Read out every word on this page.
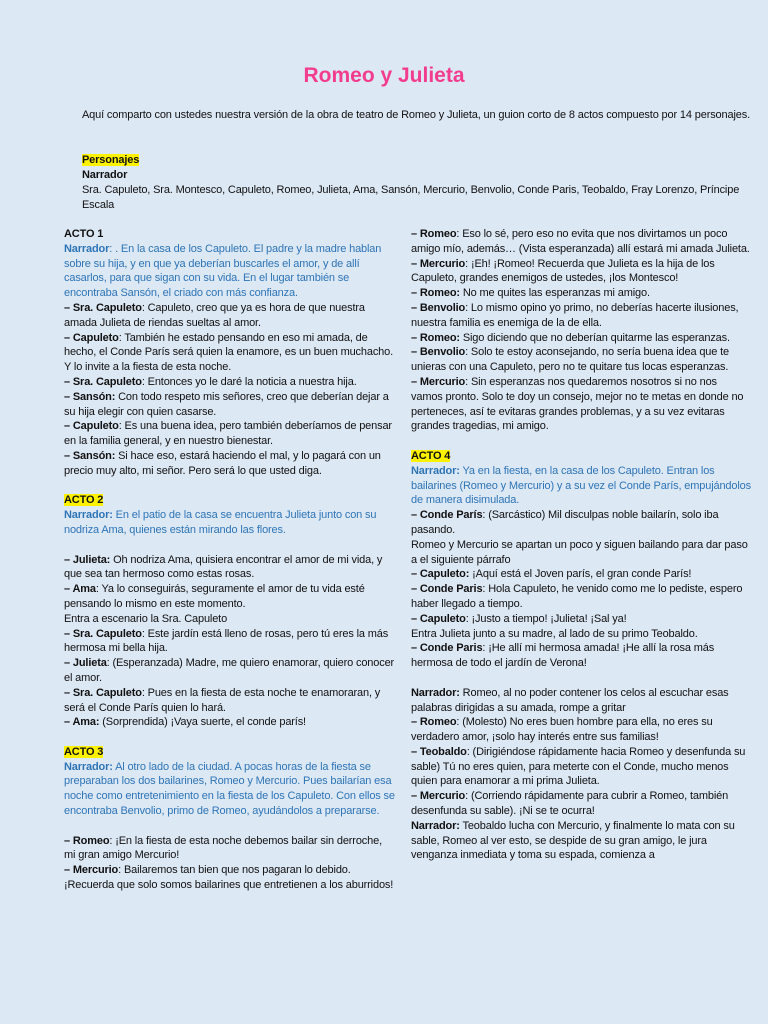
Romeo y Julieta
Aquí comparto con ustedes nuestra versión de la obra de teatro de Romeo y Julieta, un guion corto de 8 actos compuesto por 14 personajes.
Personajes
Narrador
Sra. Capuleto, Sra. Montesco, Capuleto, Romeo, Julieta, Ama, Sansón, Mercurio, Benvolio, Conde Paris, Teobaldo, Fray Lorenzo, Príncipe Escala
ACTO 1

Narrador: . En la casa de los Capuleto. El padre y la madre hablan sobre su hija, y en que ya deberían buscarles el amor, y de allí casarlos, para que sigan con su vida. En el lugar también se encontraba Sansón, el criado con más confianza.

– Sra. Capuleto: Capuleto, creo que ya es hora de que nuestra amada Julieta de riendas sueltas al amor.

– Capuleto: También he estado pensando en eso mi amada, de hecho, el Conde París será quien la enamore, es un buen muchacho. Y lo invite a la fiesta de esta noche.

– Sra. Capuleto: Entonces yo le daré la noticia a nuestra hija.

– Sansón: Con todo respeto mis señores, creo que deberían dejar a su hija elegir con quien casarse.

– Capuleto: Es una buena idea, pero también deberíamos de pensar en la familia general, y en nuestro bienestar.

– Sansón: Si hace eso, estará haciendo el mal, y lo pagará con un precio muy alto, mi señor. Pero será lo que usted diga.

ACTO 2

Narrador: En el patio de la casa se encuentra Julieta junto con su nodriza Ama, quienes están mirando las flores.

– Julieta: Oh nodriza Ama, quisiera encontrar el amor de mi vida, y que sea tan hermoso como estas rosas.

– Ama: Ya lo conseguirás, seguramente el amor de tu vida esté pensando lo mismo en este momento.

Entra a escenario la Sra. Capuleto

– Sra. Capuleto: Este jardín está lleno de rosas, pero tú eres la más hermosa mi bella hija.

– Julieta: (Esperanzada) Madre, me quiero enamorar, quiero conocer el amor.

– Sra. Capuleto: Pues en la fiesta de esta noche te enamoraran, y será el Conde París quien lo hará.

– Ama: (Sorprendida) ¡Vaya suerte, el conde parís!

ACTO 3

Narrador: Al otro lado de la ciudad. A pocas horas de la fiesta se preparaban los dos bailarines, Romeo y Mercurio. Pues bailarían esa noche como entretenimiento en la fiesta de los Capuleto. Con ellos se encontraba Benvolio, primo de Romeo, ayudándolos a prepararse.

– Romeo: ¡En la fiesta de esta noche debemos bailar sin derroche, mi gran amigo Mercurio!

– Mercurio: Bailaremos tan bien que nos pagaran lo debido. ¡Recuerda que solo somos bailarines que entretienen a los aburridos!

– Romeo: Eso lo sé, pero eso no evita que nos divirtamos un poco amigo mío, además… (Vista esperanzada) allí estará mi amada Julieta.

– Mercurio: ¡Eh! ¡Romeo! Recuerda que Julieta es la hija de los Capuleto, grandes enemigos de ustedes, ¡los Montesco!

– Romeo: No me quites las esperanzas mi amigo.

– Benvolio: Lo mismo opino yo primo, no deberías hacerte ilusiones, nuestra familia es enemiga de la de ella.

– Romeo: Sigo diciendo que no deberían quitarme las esperanzas.

– Benvolio: Solo te estoy aconsejando, no sería buena idea que te unieras con una Capuleto, pero no te quitare tus locas esperanzas.

– Mercurio: Sin esperanzas nos quedaremos nosotros si no nos vamos pronto. Solo te doy un consejo, mejor no te metas en donde no perteneces, así te evitaras grandes problemas, y a su vez evitaras grandes tragedias, mi amigo.

ACTO 4

Narrador: Ya en la fiesta, en la casa de los Capuleto. Entran los bailarines (Romeo y Mercurio) y a su vez el Conde París, empujándolos de manera disimulada.

– Conde París: (Sarcástico) Mil disculpas noble bailarín, solo iba pasando.

Romeo y Mercurio se apartan un poco y siguen bailando para dar paso a el siguiente párrafo

– Capuleto: ¡Aquí está el Joven parís, el gran conde París!

– Conde Paris: Hola Capuleto, he venido como me lo pediste, espero haber llegado a tiempo.

– Capuleto: ¡Justo a tiempo! ¡Julieta! ¡Sal ya!

Entra Julieta junto a su madre, al lado de su primo Teobaldo.

– Conde Paris: ¡He allí mi hermosa amada! ¡He allí la rosa más hermosa de todo el jardín de Verona!

Narrador: Romeo, al no poder contener los celos al escuchar esas palabras dirigidas a su amada, rompe a gritar

– Romeo: (Molesto) No eres buen hombre para ella, no eres su verdadero amor, ¡solo hay interés entre sus familias!

– Teobaldo: (Dirigiéndose rápidamente hacia Romeo y desenfunda su sable) Tú no eres quien, para meterte con el Conde, mucho menos quien para enamorar a mi prima Julieta.

– Mercurio: (Corriendo rápidamente para cubrir a Romeo, también desenfunda su sable). ¡Ni se te ocurra!

Narrador: Teobaldo lucha con Mercurio, y finalmente lo mata con su sable, Romeo al ver esto, se despide de su gran amigo, le jura venganza inmediata y toma su espada, comienza a
